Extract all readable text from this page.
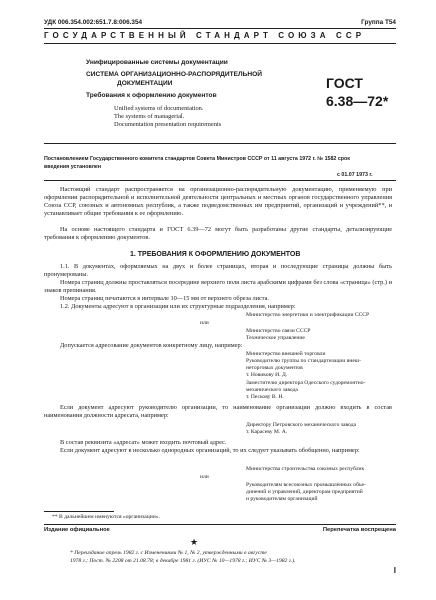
УДК 006.354.002:651.7.8:006.354	Группа Т54
ГОСУДАРСТВЕННЫЙ СТАНДАРТ СОЮЗА ССР
Унифицированные системы документации
СИСТЕМА ОРГАНИЗАЦИОННО-РАСПОРЯДИТЕЛЬНОЙ
ДОКУМЕНТАЦИИ
Требования к оформлению документов
Unified systems of documentation.
The systems of managerial.
Documentation presentation requirements
ГОСТ
6.38—72*
Постановлением Государственного комитета стандартов Совета Министров СССР от 11 августа 1972 г. № 1582 срок
введения установлен
с 01.07 1973 г.
Настоящий стандарт распространяется на организационно-распорядительную документацию, применяемую при оформлении распорядительной и исполнительной деятельности центральных и местных органов государственного управления Союза ССР, союзных и автономных республик, а также подведомственных им предприятий, организаций и учреждений**, и устанавливает общие требования к ее оформлению.
На основе настоящего стандарта и ГОСТ 6.39—72 могут быть разработаны другие стандарты, детализирующие требования к оформлению документов.
1. ТРЕБОВАНИЯ К ОФОРМЛЕНИЮ ДОКУМЕНТОВ
1.1. В документах, оформляемых на двух и более страницах, вторая и последующие страницы должны быть пронумерованы.
Номера страниц должны проставляться посередине верхнего поля листа арабскими цифрами без слова «страница» (стр.) и знаков препинания.
Номера страниц печатаются в интервале 10—15 мм от верхнего обреза листа.
1.2. Документы адресуют в организации или их структурные подразделения, например:
Министерство энергетики и электрификации СССР
или
Министерство связи СССР
Техническое управление
Допускается адресование документов конкретному лицу, например:
Министерство внешней торговли
Руководителю группы по стандартизации внеш-
неторговых документов
т. Новикову И. Д.
Заместителю директора Одесского судоремонтно-
механического завода
т. Пескову В. Н.
Если документ адресуют руководителю организации, то наименование организации должно входить в состав наименования должности адресата, например:
Директору Петровского механического завода
т. Карасеву М. А.
В состав реквизита «адресат» может входить почтовый адрес.
Если документ адресуют в несколько однородных организаций, то их следует указывать обобщенно, например:
Министерства строительства союзных республик
или
Руководителям всесоюзных промышленных объе-
динений и управлений, директорам предприятий
и руководителям организаций
** В дальнейшем именуются «организации».
Издание официальное	Перепечатка воспрещена
★
* Переиздание апрель 1982 г. с Изменениями № 1, № 2, утвержденными в августе
1978 г.; Пост. № 2208 от 21.08.78; в декабре 1981 г. (ИУС № 10—1978 г.; ИУС № 3—1982 г.).
I
